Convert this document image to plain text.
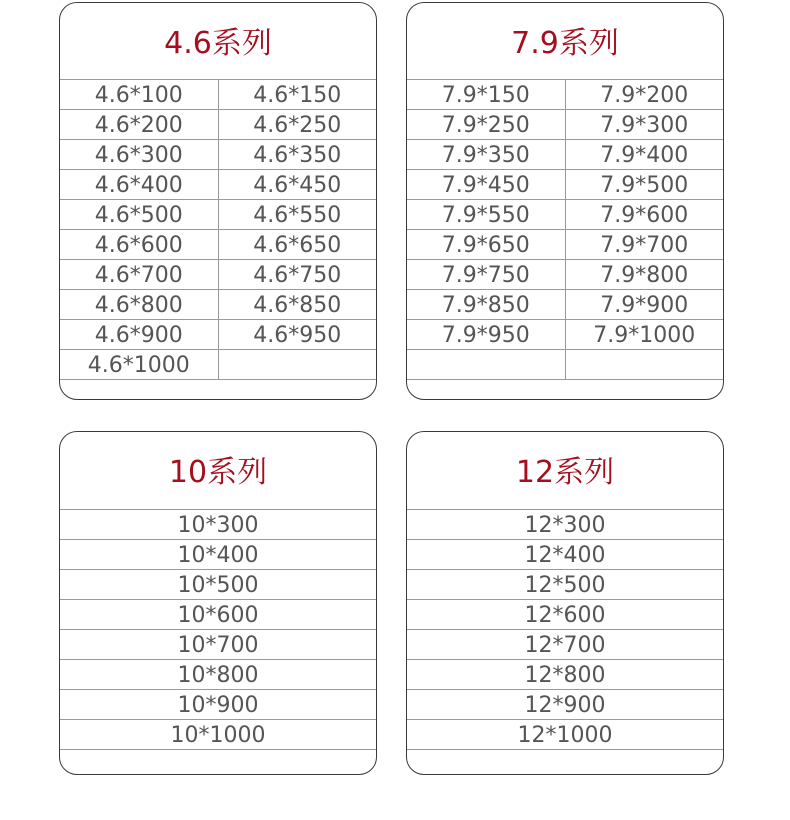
4.6系列
4.6*100	4.6*150
4.6*200	4.6*250
4.6*300	4.6*350
4.6*400	4.6*450
4.6*500	4.6*550
4.6*600	4.6*650
4.6*700	4.6*750
4.6*800	4.6*850
4.6*900	4.6*950
4.6*1000
7.9系列
7.9*150	7.9*200
7.9*250	7.9*300
7.9*350	7.9*400
7.9*450	7.9*500
7.9*550	7.9*600
7.9*650	7.9*700
7.9*750	7.9*800
7.9*850	7.9*900
7.9*950	7.9*1000
10系列
10*300
10*400
10*500
10*600
10*700
10*800
10*900
10*1000
12系列
12*300
12*400
12*500
12*600
12*700
12*800
12*900
12*1000
